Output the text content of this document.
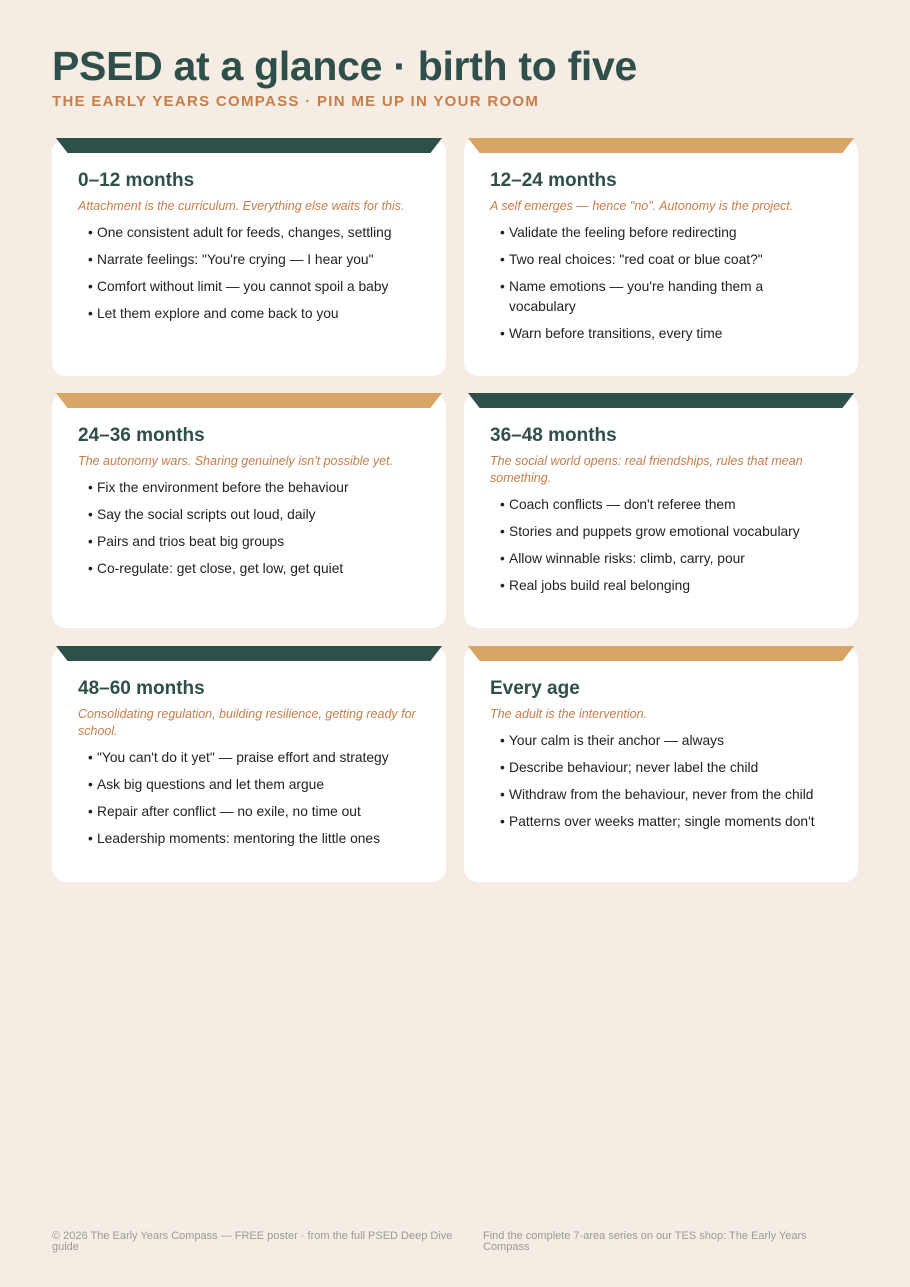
PSED at a glance · birth to five
THE EARLY YEARS COMPASS · PIN ME UP IN YOUR ROOM
0–12 months

Attachment is the curriculum. Everything else waits for this.

• One consistent adult for feeds, changes, settling
• Narrate feelings: "You're crying — I hear you"
• Comfort without limit — you cannot spoil a baby
• Let them explore and come back to you
12–24 months

A self emerges — hence "no". Autonomy is the project.

• Validate the feeling before redirecting
• Two real choices: "red coat or blue coat?"
• Name emotions — you're handing them a vocabulary
• Warn before transitions, every time
24–36 months

The autonomy wars. Sharing genuinely isn't possible yet.

• Fix the environment before the behaviour
• Say the social scripts out loud, daily
• Pairs and trios beat big groups
• Co-regulate: get close, get low, get quiet
36–48 months

The social world opens: real friendships, rules that mean something.

• Coach conflicts — don't referee them
• Stories and puppets grow emotional vocabulary
• Allow winnable risks: climb, carry, pour
• Real jobs build real belonging
48–60 months

Consolidating regulation, building resilience, getting ready for school.

• "You can't do it yet" — praise effort and strategy
• Ask big questions and let them argue
• Repair after conflict — no exile, no time out
• Leadership moments: mentoring the little ones
Every age

The adult is the intervention.

• Your calm is their anchor — always
• Describe behaviour; never label the child
• Withdraw from the behaviour, never from the child
• Patterns over weeks matter; single moments don't
© 2026 The Early Years Compass — FREE poster · from the full PSED Deep Dive guide
Find the complete 7-area series on our TES shop: The Early Years Compass
